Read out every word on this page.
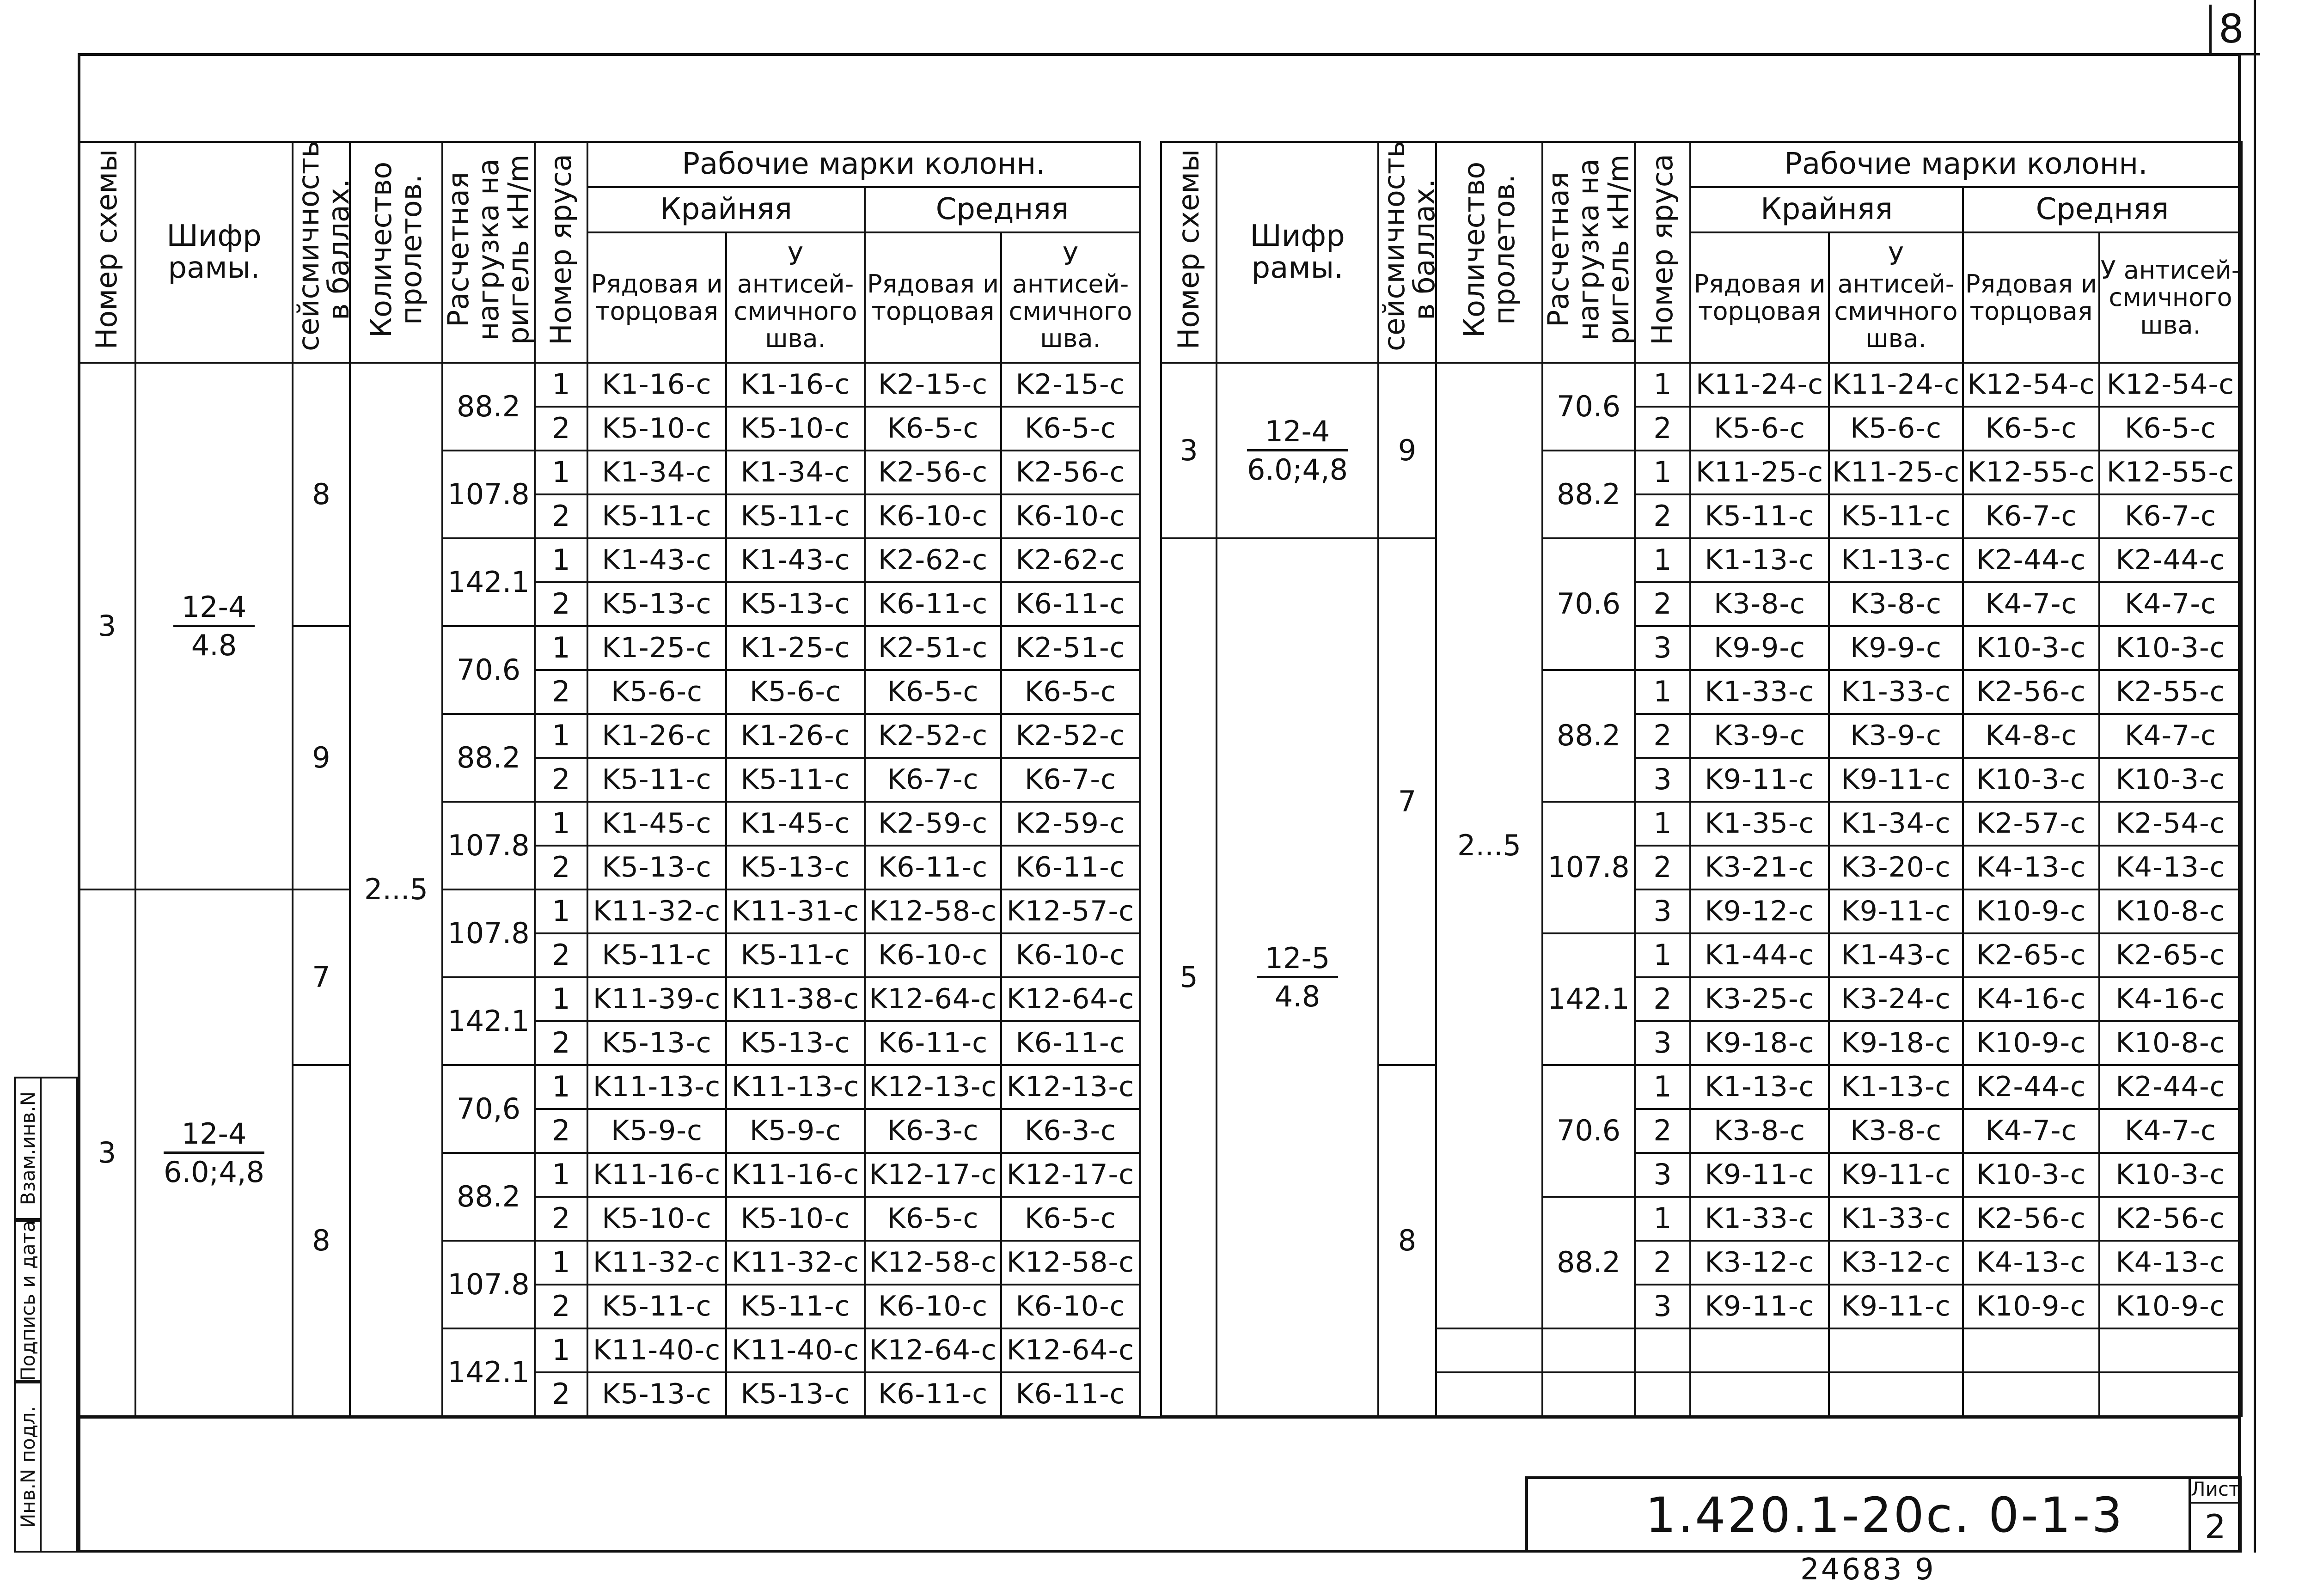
8
Номер схемы	Шифр рамы.	сейсмичность в баллах.	Количество пролетов.	Расчетная нагрузка на ригель кН/m	Номер яруса	Рабочие марки колонн.			
						Крайняя		Средняя	
						Рядовая и торцовая	У антисей-смичного шва.	Рядовая и торцовая	У антисей-смичного шва.
3	$\frac{12-4}{4.8}$	8	2...5	88.2	1	K1-16-c	K1-16-c	K2-15-c	K2-15-c
					2	K5-10-c	K5-10-c	K6-5-c	K6-5-c
				107.8	1	K1-34-c	K1-34-c	K2-56-c	K2-56-c
					2	K5-11-c	K5-11-c	K6-10-c	K6-10-c
				142.1	1	K1-43-c	K1-43-c	K2-62-c	K2-62-c
					2	K5-13-c	K5-13-c	K6-11-c	K6-11-c
		9		70.6	1	K1-25-c	K1-25-c	K2-51-c	K2-51-c
					2	K5-6-c	K5-6-c	K6-5-c	K6-5-c
				88.2	1	K1-26-c	K1-26-c	K2-52-c	K2-52-c
					2	K5-11-c	K5-11-c	K6-7-c	K6-7-c
				107.8	1	K1-45-c	K1-45-c	K2-59-c	K2-59-c
					2	K5-13-c	K5-13-c	K6-11-c	K6-11-c
3	$\frac{12-4}{6.0;4,8}$	7		107.8	1	K11-32-c	K11-31-c	K12-58-c	K12-57-c
					2	K5-11-c	K5-11-c	K6-10-c	K6-10-c
				142.1	1	K11-39-c	K11-38-c	K12-64-c	K12-64-c
					2	K5-13-c	K5-13-c	K6-11-c	K6-11-c
		8		70,6	1	K11-13-c	K11-13-c	K12-13-c	K12-13-c
					2	K5-9-c	K5-9-c	K6-3-c	K6-3-c
				88.2	1	K11-16-c	K11-16-c	K12-17-c	K12-17-c
					2	K5-10-c	K5-10-c	K6-5-c	K6-5-c
				107.8	1	K11-32-c	K11-32-c	K12-58-c	K12-58-c
					2	K5-11-c	K5-11-c	K6-10-c	K6-10-c
				142.1	1	K11-40-c	K11-40-c	K12-64-c	K12-64-c
					2	K5-13-c	K5-13-c	K6-11-c	K6-11-c
Номер схемы	Шифр рамы.	сейсмичность в баллах.	Количество пролетов.	Расчетная нагрузка на ригель кН/m	Номер яруса	Рабочие марки колонн.				
						Крайняя		Средняя		
						Рядовая и торцовая	У антисей-смичного шва.	Рядовая и торцовая	У антисей-смичного шва.	
3	$\frac{12-4}{6.0;4,8}$	9	2...5	70.6	1	K11-24-c	K11-24-c	K12-54-c	K12-54-c	
					2	K5-6-c	K5-6-c	K6-5-c	K6-5-c	
				88.2	1	K11-25-c	K11-25-c	K12-55-c	K12-55-c	
					2	K5-11-c	K5-11-c	K6-7-c	K6-7-c	
5	$\frac{12-5}{4.8}$	7		70.6	1	K1-13-c	K1-13-c	K2-44-c	K2-44-c	
					2	K3-8-c	K3-8-c	K4-7-c	K4-7-c	
					3	K9-9-c	K9-9-c	K10-3-c	K10-3-c	
				88.2	1	K1-33-c	K1-33-c	K2-56-c	K2-55-c	
					2	K3-9-c	K3-9-c	K4-8-c	K4-7-c	
					3	K9-11-c	K9-11-c	K10-3-c	K10-3-c	
				107.8	1	K1-35-c	K1-34-c	K2-57-c	K2-54-c	
					2	K3-21-c	K3-20-c	K4-13-c	K4-13-c	
					3	K9-12-c	K9-11-c	K10-9-c	K10-8-c	
				142.1	1	K1-44-c	K1-43-c	K2-65-c	K2-65-c	
					2	K3-25-c	K3-24-c	K4-16-c	K4-16-c	
					3	K9-18-c	K9-18-c	K10-9-c	K10-8-c	
		8		70.6	1	K1-13-c	K1-13-c	K2-44-c	K2-44-c	
					2	K3-8-c	K3-8-c	K4-7-c	K4-7-c	
					3	K9-11-c	K9-11-c	K10-3-c	K10-3-c	
				88.2	1	K1-33-c	K1-33-c	K2-56-c	K2-56-c	
					2	K3-12-c	K3-12-c	K4-13-c	K4-13-c	
					3	K9-11-c	K9-11-c	K10-9-c	K10-9-c	

Инв.N подл.
Подпись и дата
Взам.инв.N
1.420.1-20c. 0-1-3	Лист
2
24683 9
